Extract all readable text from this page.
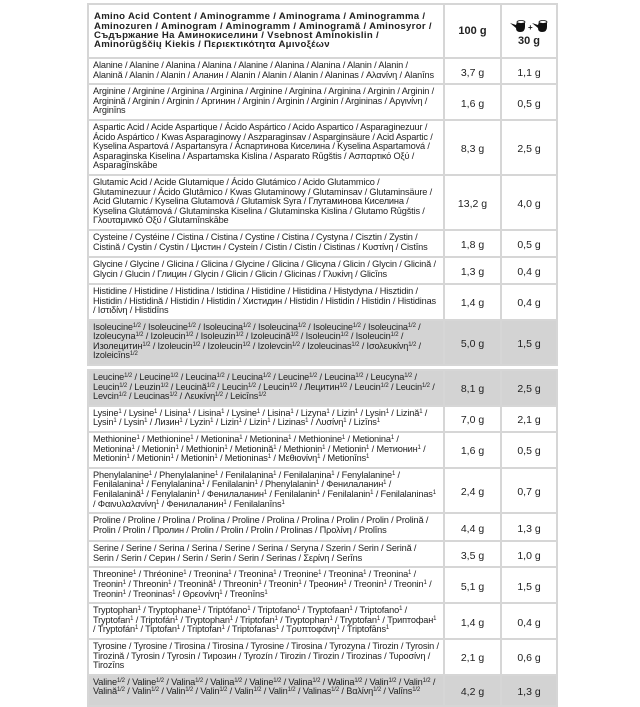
Amino Acid Content / Aminogramme / Aminograma / Aminogramma / Aminozuren / Aminogram / Aminogramm / Aminogramă / Aminosyror / Съдържание На Аминокиселини / Vsebnost Aminokislin / Aminorūgščių Kiekis / Περιεκτικότητα Αμινοξέων	100 g	+
30 g	

Alanine / Alanine / Alanina / Alanina / Alanine / Alanina / Alanina / Alanin / Alanin / Alanină / Alanin / Alanin / Аланин / Alanin / Alanin / Alanin / Alaninas / Αλανίνη / Alanīns	3,7 g	1,1 g	
Arginine / Arginine / Arginina / Arginina / Arginine / Arginina / Arginina / Arginin / Arginin / Arginină / Arginin / Arginin / Аргинин / Arginin / Arginin / Arginin / Argininas / Αργινίνη / Arginīns	1,6 g	0,5 g	
Aspartic Acid / Acide Aspartique / Ácido Aspártico / Acido Aspartico / Asparaginezuur / Ácido Aspártico / Kwas Asparaginowy / Aszparaginsav / Asparginsäure / Acid Aspartic / Kyselina Aspartová / Aspartansyra / Аспартинова Киселина / Kyselina Aspartamová / Asparaginska Kiselina / Aspartamska Kislina / Asparato Rūgštis / Ασπαρτικό Οξύ / Asparagīnskābe	8,3 g	2,5 g	
Glutamic Acid / Acide Glutamique / Ácido Glutámico / Acido Glutammico / Glutaminezuur / Ácido Glutâmico / Kwas Glutaminowy / Glutaminsav / Glutaminsäure / Acid Glutamic / Kyselina Glutamová / Glutamisk Syra / Глутаминова Киселина / Kyselina Glutámová / Glutaminska Kiselina / Glutaminska Kislina / Glutamo Rūgštis / Γλουταμινικό Οξύ / Glutamīnskābe	13,2 g	4,0 g	
Cysteine / Cystéine / Cistina / Cistina / Cystine / Cistina / Cystyna / Cisztin / Zystin / Cistină / Cystin / Cystin / Цистин / Cystein / Cistin / Cistin / Cistinas / Κυστίνη / Cistīns	1,8 g	0,5 g	
Glycine / Glycine / Glicina / Glicina / Glycine / Glicina / Glicyna / Glicin / Glycin / Glicină / Glycin / Glucin / Глицин / Glycin / Glicin / Glicin / Glicinas / Γλυκίνη / Glicīns	1,3 g	0,4 g	
Histidine / Histidine / Histidina / Istidina / Histidine / Histidina / Histydyna / Hisztidin / Histidin / Histidină / Histidin / Histidin / Хистидин / Histidin / Histidin / Histidin / Histidinas / Ιστιδίνη / Histidīns	1,4 g	0,4 g	
Isoleucine$^{1/2}$ / Isoleucine$^{1/2}$ / Isoleucina$^{1/2}$ / Isoleucina$^{1/2}$ / Isoleucine$^{1/2}$ / Isoleucina$^{1/2}$ / Izoleucyna$^{1/2}$ / Izoleucin$^{1/2}$ / Isoleuzin$^{1/2}$ / Izoleucină$^{1/2}$ / Isoleucin$^{1/2}$ / Isoleucin$^{1/2}$ / Изолецитин$^{1/2}$ / Izoleucin$^{1/2}$ / Izoleucin$^{1/2}$ / Izolevcin$^{1/2}$ / Izoleucinas$^{1/2}$ / Ισολευκίνη$^{1/2}$ / Izoleicīns$^{1/2}$	5,0 g	1,5 g	

Leucine$^{1/2}$ / Leucine$^{1/2}$ / Leucina$^{1/2}$ / Leucina$^{1/2}$ / Leucine$^{1/2}$ / Leucina$^{1/2}$ / Leucyna$^{1/2}$ / Leucin$^{1/2}$ / Leuzin$^{1/2}$ / Leucină$^{1/2}$ / Leucin$^{1/2}$ / Leucin$^{1/2}$ / Лецитин$^{1/2}$ / Leucin$^{1/2}$ / Leucin$^{1/2}$ / Levcin$^{1/2}$ / Leucinas$^{1/2}$ / Λευκίνη$^{1/2}$ / Leicīns$^{1/2}$	8,1 g	2,5 g	
Lysine$^1$ / Lysine$^1$ / Lisina$^1$ / Lisina$^1$ / Lysine$^1$ / Lisina$^1$ / Lizyna$^1$ / Lizin$^1$ / Lysin$^1$ / Lizină$^1$ / Lysin$^1$ / Lysin$^1$ / Лизин$^1$ / Lyzin$^1$ / Lizin$^1$ / Lizin$^1$ / Lizinas$^1$ / Λυσίνη$^1$ / Lizīns$^1$	7,0 g	2,1 g	
Methionine$^1$ / Methionine$^1$ / Metionina$^1$ / Metionina$^1$ / Methionine$^1$ / Metionina$^1$ / Metionina$^1$ / Metionin$^1$ / Methionin$^1$ / Metionină$^1$ / Methionin$^1$ / Metionin$^1$ / Метионин$^1$ / Metionin$^1$ / Metionin$^1$ / Metionin$^1$ / Metioninas$^1$ / Μεθιονίνη$^1$ / Metionīns$^1$	1,6 g	0,5 g	
Phenylalanine$^1$ / Phenylalanine$^1$ / Fenilalanina$^1$ / Fenilalanina$^1$ / Fenylalanine$^1$ / Fenilalanina$^1$ / Fenylalanina$^1$ / Fenilalanin$^1$ / Phenylalanin$^1$ / Фенилаланин$^1$ / Fenilalanină$^1$ / Fenylalanin$^1$ / Фенилаланин$^1$ / Fenilalanin$^1$ / Fenilalanin$^1$ / Fenilalaninas$^1$ / Φαινυλαλανίνη$^1$ / Фенилаланин$^1$ / Fenilalanīns$^1$	2,4 g	0,7 g	
Proline / Proline / Prolina / Prolina / Proline / Prolina / Prolina / Prolin / Prolin / Prolină / Prolin / Prolin / Пролин / Prolin / Prolin / Prolin / Prolinas / Προλίνη / Prolīns	4,4 g	1,3 g	
Serine / Serine / Serina / Serina / Serine / Serina / Seryna / Szerin / Serin / Serină / Serin / Serin / Серин / Serin / Serin / Serin / Serinas / Σερίνη / Serīns	3,5 g	1,0 g	
Threonine$^1$ / Thréonine$^1$ / Treonina$^1$ / Treonina$^1$ / Treonine$^1$ / Treonina$^1$ / Treonina$^1$ / Treonin$^1$ / Threonin$^1$ / Treonină$^1$ / Threonin$^1$ / Treonin$^1$ / Треонин$^1$ / Treonin$^1$ / Treonin$^1$ / Treonin$^1$ / Treoninas$^1$ / Θρεονίνη$^1$ / Treonīns$^1$	5,1 g	1,5 g	
Tryptophan$^1$ / Tryptophane$^1$ / Triptófano$^1$ / Triptofano$^1$ / Tryptofaan$^1$ / Triptofano$^1$ / Tryptofan$^1$ / Triptofán$^1$ / Tryptophan$^1$ / Triptofan$^1$ / Tryptophan$^1$ / Tryptofan$^1$ / Триптофан$^1$ / Tryptofán$^1$ / Tiptofan$^1$ / Triptofan$^1$ / Triptofanas$^1$ / Τρυπτοφάνη$^1$ / Triptofāns$^1$	1,4 g	0,4 g	
Tyrosine / Tyrosine / Tirosina / Tirosina / Tyrosine / Tirosina / Tyrozyna / Tirozin / Tyrosin / Tirozină / Tyrosin / Tyrosin / Тирозин / Tyrozín / Tirozin / Tirozin / Tirozinas / Τυροσίνη / Tirozīns	2,1 g	0,6 g	
Valine$^{1/2}$ / Valine$^{1/2}$ / Valina$^{1/2}$ / Valina$^{1/2}$ / Valine$^{1/2}$ / Valina$^{1/2}$ / Walina$^{1/2}$ / Valin$^{1/2}$ / Valin$^{1/2}$ / Valină$^{1/2}$ / Valin$^{1/2}$ / Valin$^{1/2}$ / Valin$^{1/2}$ / Valin$^{1/2}$ / Valin$^{1/2}$ / Valinas$^{1/2}$ / Βαλίνη$^{1/2}$ / Valīns$^{1/2}$	4,2 g	1,3 g	
